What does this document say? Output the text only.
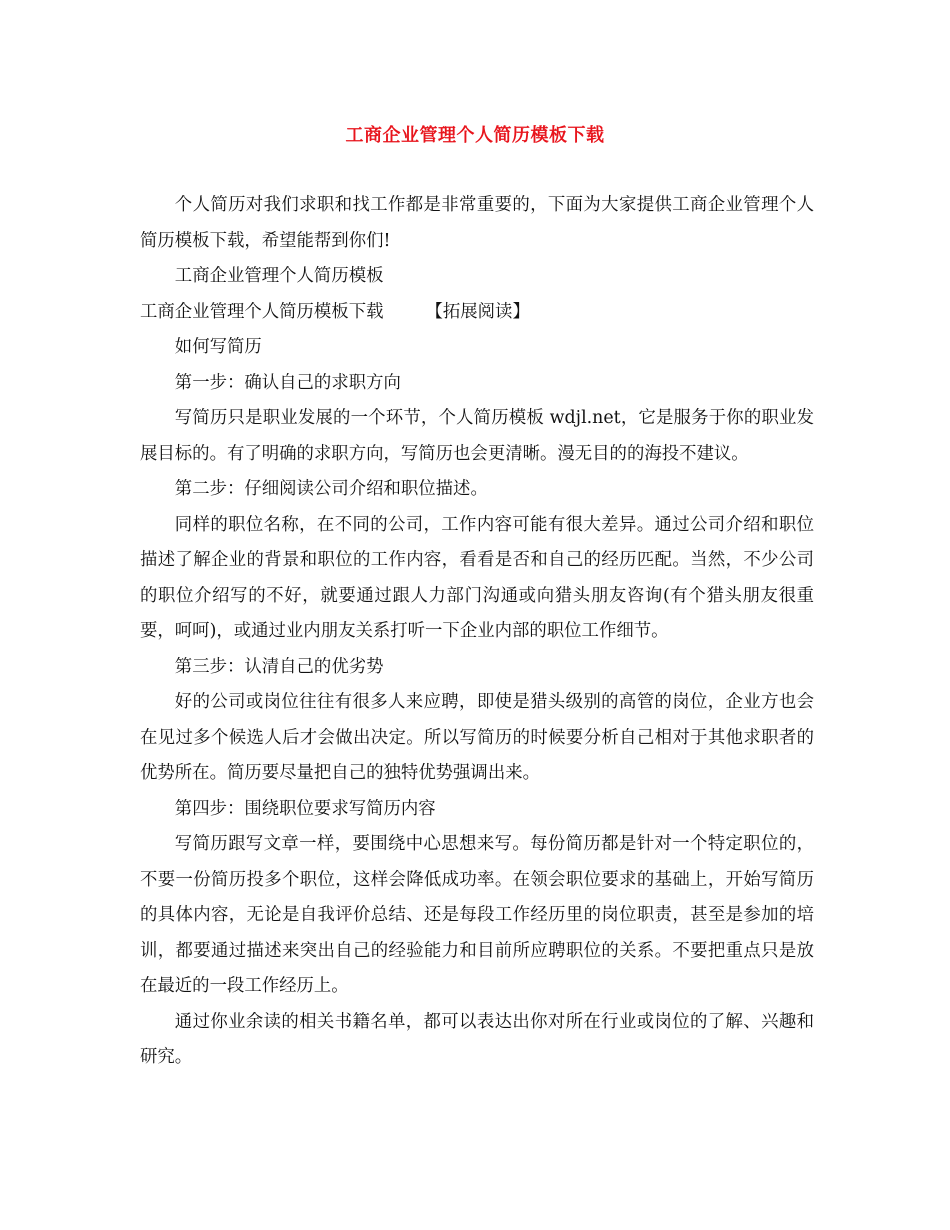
工商企业管理个人简历模板下载

个人简历对我们求职和找工作都是非常重要的，下面为大家提供工商企业管理个人简历模板下载，希望能帮到你们!

工商企业管理个人简历模板

工商企业管理个人简历模板下载 【拓展阅读】

如何写简历

第一步：确认自己的求职方向

写简历只是职业发展的一个环节，个人简历模板 wdjl.net，它是服务于你的职业发展目标的。有了明确的求职方向，写简历也会更清晰。漫无目的的海投不建议。

第二步：仔细阅读公司介绍和职位描述。

同样的职位名称，在不同的公司，工作内容可能有很大差异。通过公司介绍和职位描述了解企业的背景和职位的工作内容，看看是否和自己的经历匹配。当然，不少公司的职位介绍写的不好，就要通过跟人力部门沟通或向猎头朋友咨询(有个猎头朋友很重要，呵呵)，或通过业内朋友关系打听一下企业内部的职位工作细节。

第三步：认清自己的优劣势

好的公司或岗位往往有很多人来应聘，即使是猎头级别的高管的岗位，企业方也会在见过多个候选人后才会做出决定。所以写简历的时候要分析自己相对于其他求职者的优势所在。简历要尽量把自己的独特优势强调出来。

第四步：围绕职位要求写简历内容

写简历跟写文章一样，要围绕中心思想来写。每份简历都是针对一个特定职位的，不要一份简历投多个职位，这样会降低成功率。在领会职位要求的基础上，开始写简历的具体内容，无论是自我评价总结、还是每段工作经历里的岗位职责，甚至是参加的培训，都要通过描述来突出自己的经验能力和目前所应聘职位的关系。不要把重点只是放在最近的一段工作经历上。

通过你业余读的相关书籍名单，都可以表达出你对所在行业或岗位的了解、兴趣和研究。
